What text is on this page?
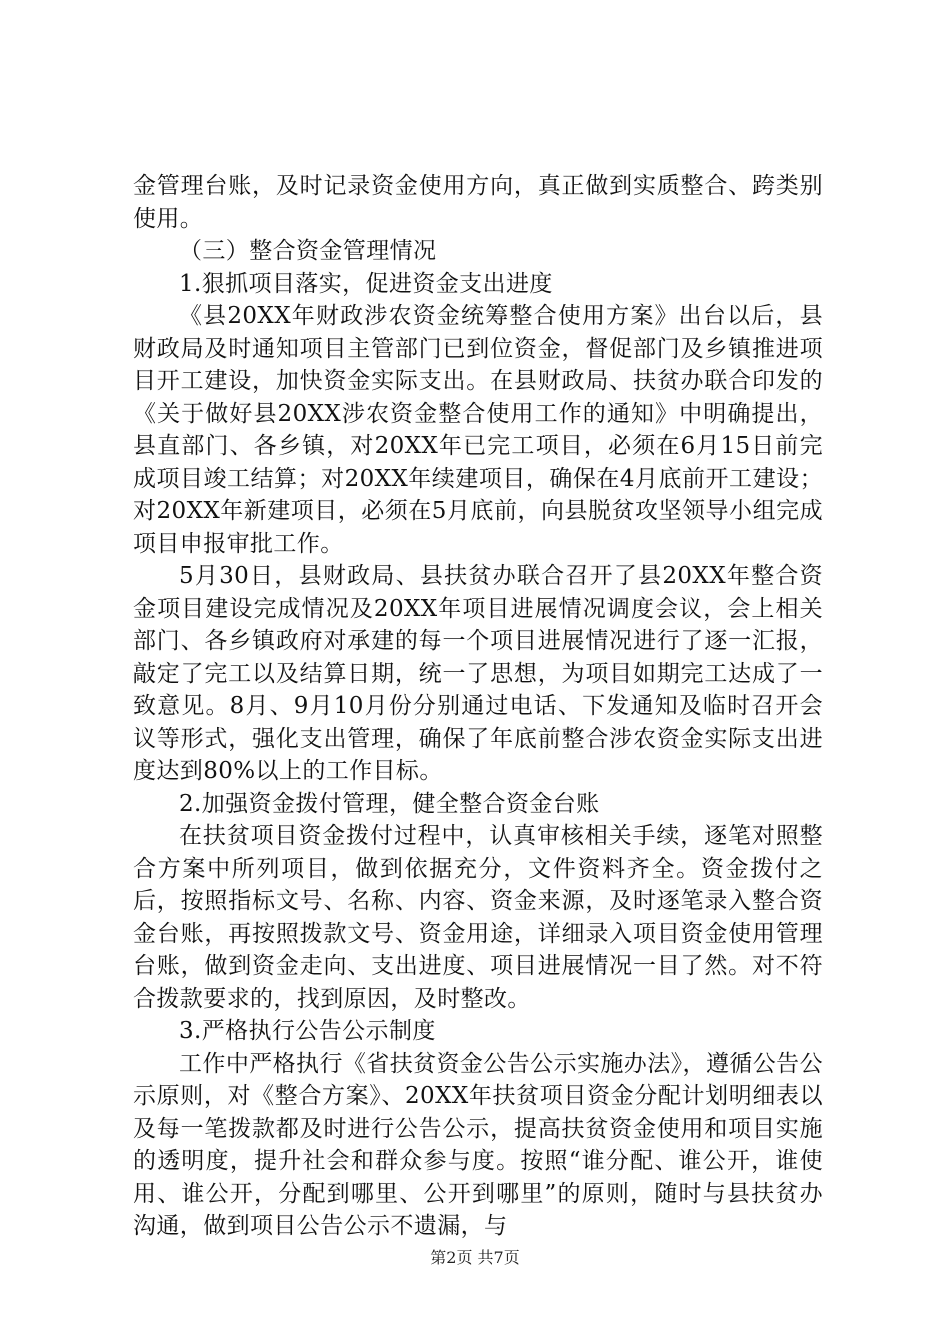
金管理台账，及时记录资金使用方向，真正做到实质整合、跨类别使用。

（三）整合资金管理情况

1.狠抓项目落实，促进资金支出进度

《县20XX年财政涉农资金统筹整合使用方案》出台以后，县财政局及时通知项目主管部门已到位资金，督促部门及乡镇推进项目开工建设，加快资金实际支出。在县财政局、扶贫办联合印发的《关于做好县20XX涉农资金整合使用工作的通知》中明确提出，县直部门、各乡镇，对20XX年已完工项目，必须在6月15日前完成项目竣工结算；对20XX年续建项目，确保在4月底前开工建设；对20XX年新建项目，必须在5月底前，向县脱贫攻坚领导小组完成项目申报审批工作。

5月30日，县财政局、县扶贫办联合召开了县20XX年整合资金项目建设完成情况及20XX年项目进展情况调度会议，会上相关部门、各乡镇政府对承建的每一个项目进展情况进行了逐一汇报，敲定了完工以及结算日期，统一了思想，为项目如期完工达成了一致意见。8月、9月10月份分别通过电话、下发通知及临时召开会议等形式，强化支出管理，确保了年底前整合涉农资金实际支出进度达到80%以上的工作目标。

2.加强资金拨付管理，健全整合资金台账

在扶贫项目资金拨付过程中，认真审核相关手续，逐笔对照整合方案中所列项目，做到依据充分，文件资料齐全。资金拨付之后，按照指标文号、名称、内容、资金来源，及时逐笔录入整合资金台账，再按照拨款文号、资金用途，详细录入项目资金使用管理台账，做到资金走向、支出进度、项目进展情况一目了然。对不符合拨款要求的，找到原因，及时整改。

3.严格执行公告公示制度

工作中严格执行《省扶贫资金公告公示实施办法》，遵循公告公示原则，对《整合方案》、20XX年扶贫项目资金分配计划明细表以及每一笔拨款都及时进行公告公示，提高扶贫资金使用和项目实施的透明度，提升社会和群众参与度。按照“谁分配、谁公开，谁使用、谁公开，分配到哪里、公开到哪里”的原则，随时与县扶贫办沟通，做到项目公告公示不遗漏，与

第2页 共7页
